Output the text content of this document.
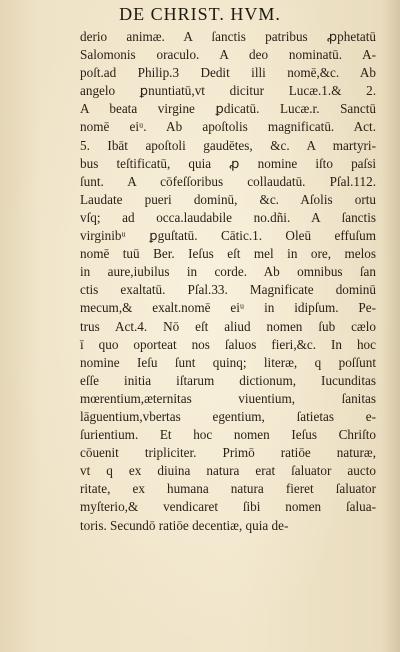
DE CHRIST. HVM.
derio animæ. A ſanctis patribus ꝓphetatū
Salomonis oraculo. A deo nominatū. A-
poſt.ad Philip.3 Dedit illi nomē,&c. Ab
angelo ꝑnuntiatū,vt dicitur Lucæ.1.& 2.
A beata virgine ꝑdicatū. Lucæ.r. Sanctū
nomē eiᵘ. Ab apoſtolis magnificatū. Act.
5. Ibāt apoſtoli gaudētes, &c. A martyri-
bus teſtificatū, quia ꝓ nomine iſto paſsi
ſunt. A cōfeſſoribus collaudatū. Pſal.112.
Laudate pueri dominū, &c. Aſolis ortu
vſq; ad occa.laudabile no.dñi. A ſanctis
virginibᵘ ꝑguſtatū. Cātic.1. Oleū effuſum
nomē tuū Ber. Ieſus eſt mel in ore, melos
in aure,iubilus in corde. Ab omnibus ſan
ctis exaltatū. Pſal.33. Magnificate dominū
mecum,& exalt.nomē eiᵘ in idipſum. Pe-
trus Act.4. Nō eſt aliud nomen ſub cælo
ī quo oporteat nos ſaluos fieri,&c. In hoc
nomine Ieſu ſunt quinq; literæ, q poſſunt
eſſe initia iſtarum dictionum, Iucunditas
mœrentium,æternitas viuentium, ſanitas
lāguentium,vbertas egentium, ſatietas e-
ſurientium. Et hoc nomen Ieſus Chriſto
cōuenit tripliciter. Primō ratiōe naturæ,
vt q ex diuina natura erat ſaluator aucto
ritate, ex humana natura fieret ſaluator
myſterio,& vendicaret ſibi nomen ſalua-
toris. Secundō ratiōe decentiæ, quia de-
